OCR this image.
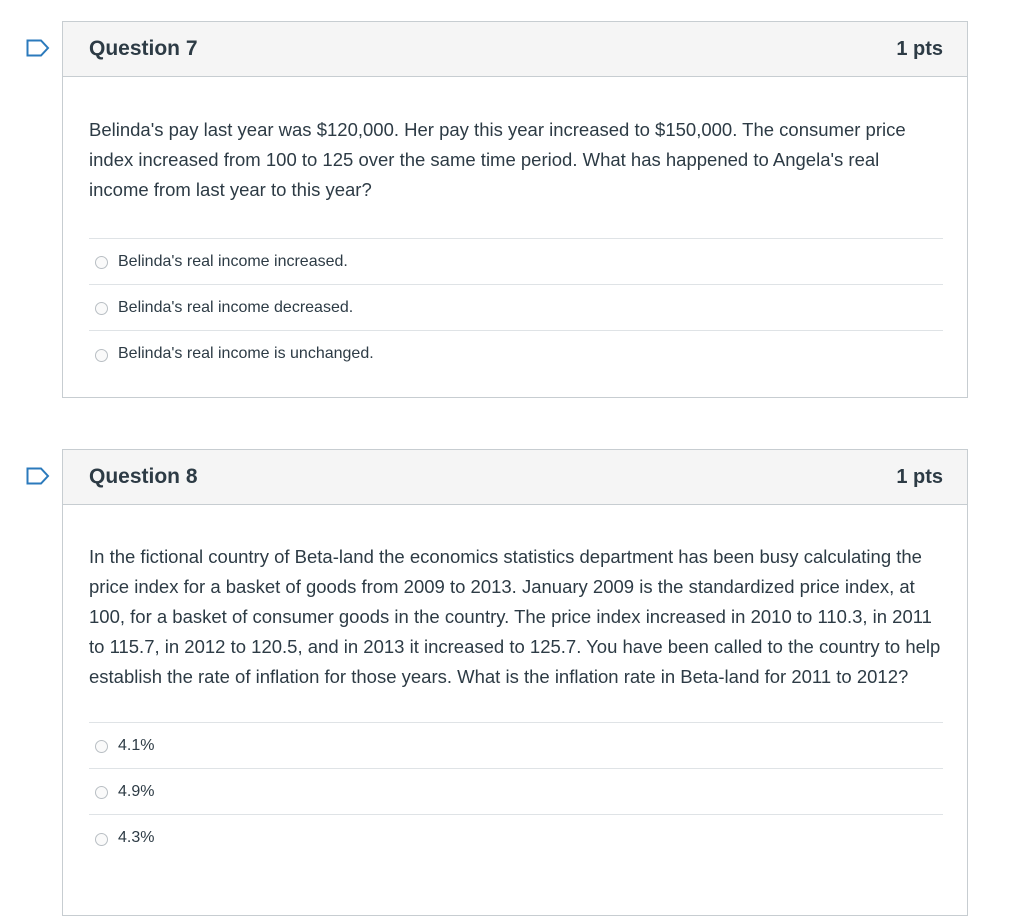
Question 7	1 pts
Belinda's pay last year was $120,000. Her pay this year increased to $150,000. The consumer price index increased from 100 to 125 over the same time period. What has happened to Angela's real income from last year to this year?
Belinda's real income increased.
Belinda's real income decreased.
Belinda's real income is unchanged.
Question 8	1 pts
In the fictional country of Beta-land the economics statistics department has been busy calculating the price index for a basket of goods from 2009 to 2013. January 2009 is the standardized price index, at 100, for a basket of consumer goods in the country. The price index increased in 2010 to 110.3, in 2011 to 115.7, in 2012 to 120.5, and in 2013 it increased to 125.7. You have been called to the country to help establish the rate of inflation for those years. What is the inflation rate in Beta-land for 2011 to 2012?
4.1%
4.9%
4.3%
